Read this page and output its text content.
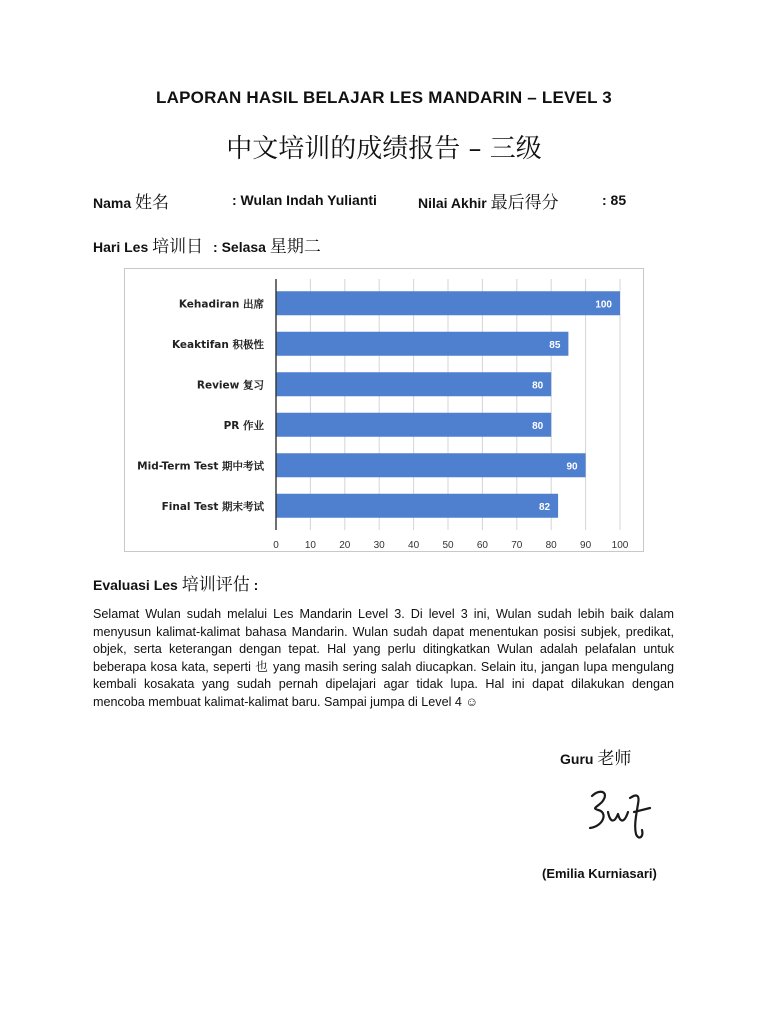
LAPORAN HASIL BELAJAR LES MANDARIN – LEVEL 3
中文培训的成绩报告 – 三级
Nama 姓名	: Wulan Indah Yulianti	Nilai Akhir 最后得分	: 85
Hari Les 培训日 : Selasa 星期二
0	10 20 30 40 50 60 70 80 90 100
100
Kehadiran 出席
85
Keaktifan 积极性
80
Review 复习
80
PR 作业
90
Mid-Term Test 期中考试
82
Final Test 期末考试
Evaluasi Les 培训评估 :
Selamat Wulan sudah melalui Les Mandarin Level 3. Di level 3 ini, Wulan sudah lebih baik dalam menyusun kalimat-kalimat bahasa Mandarin. Wulan sudah dapat menentukan posisi subjek, predikat, objek, serta keterangan dengan tepat. Hal yang perlu ditingkatkan Wulan adalah pelafalan untuk beberapa kosa kata, seperti 也 yang masih sering salah diucapkan. Selain itu, jangan lupa mengulang kembali kosakata yang sudah pernah dipelajari agar tidak lupa. Hal ini dapat dilakukan dengan mencoba membuat kalimat-kalimat baru. Sampai jumpa di Level 4 ☺
Guru 老师
(Emilia Kurniasari)
